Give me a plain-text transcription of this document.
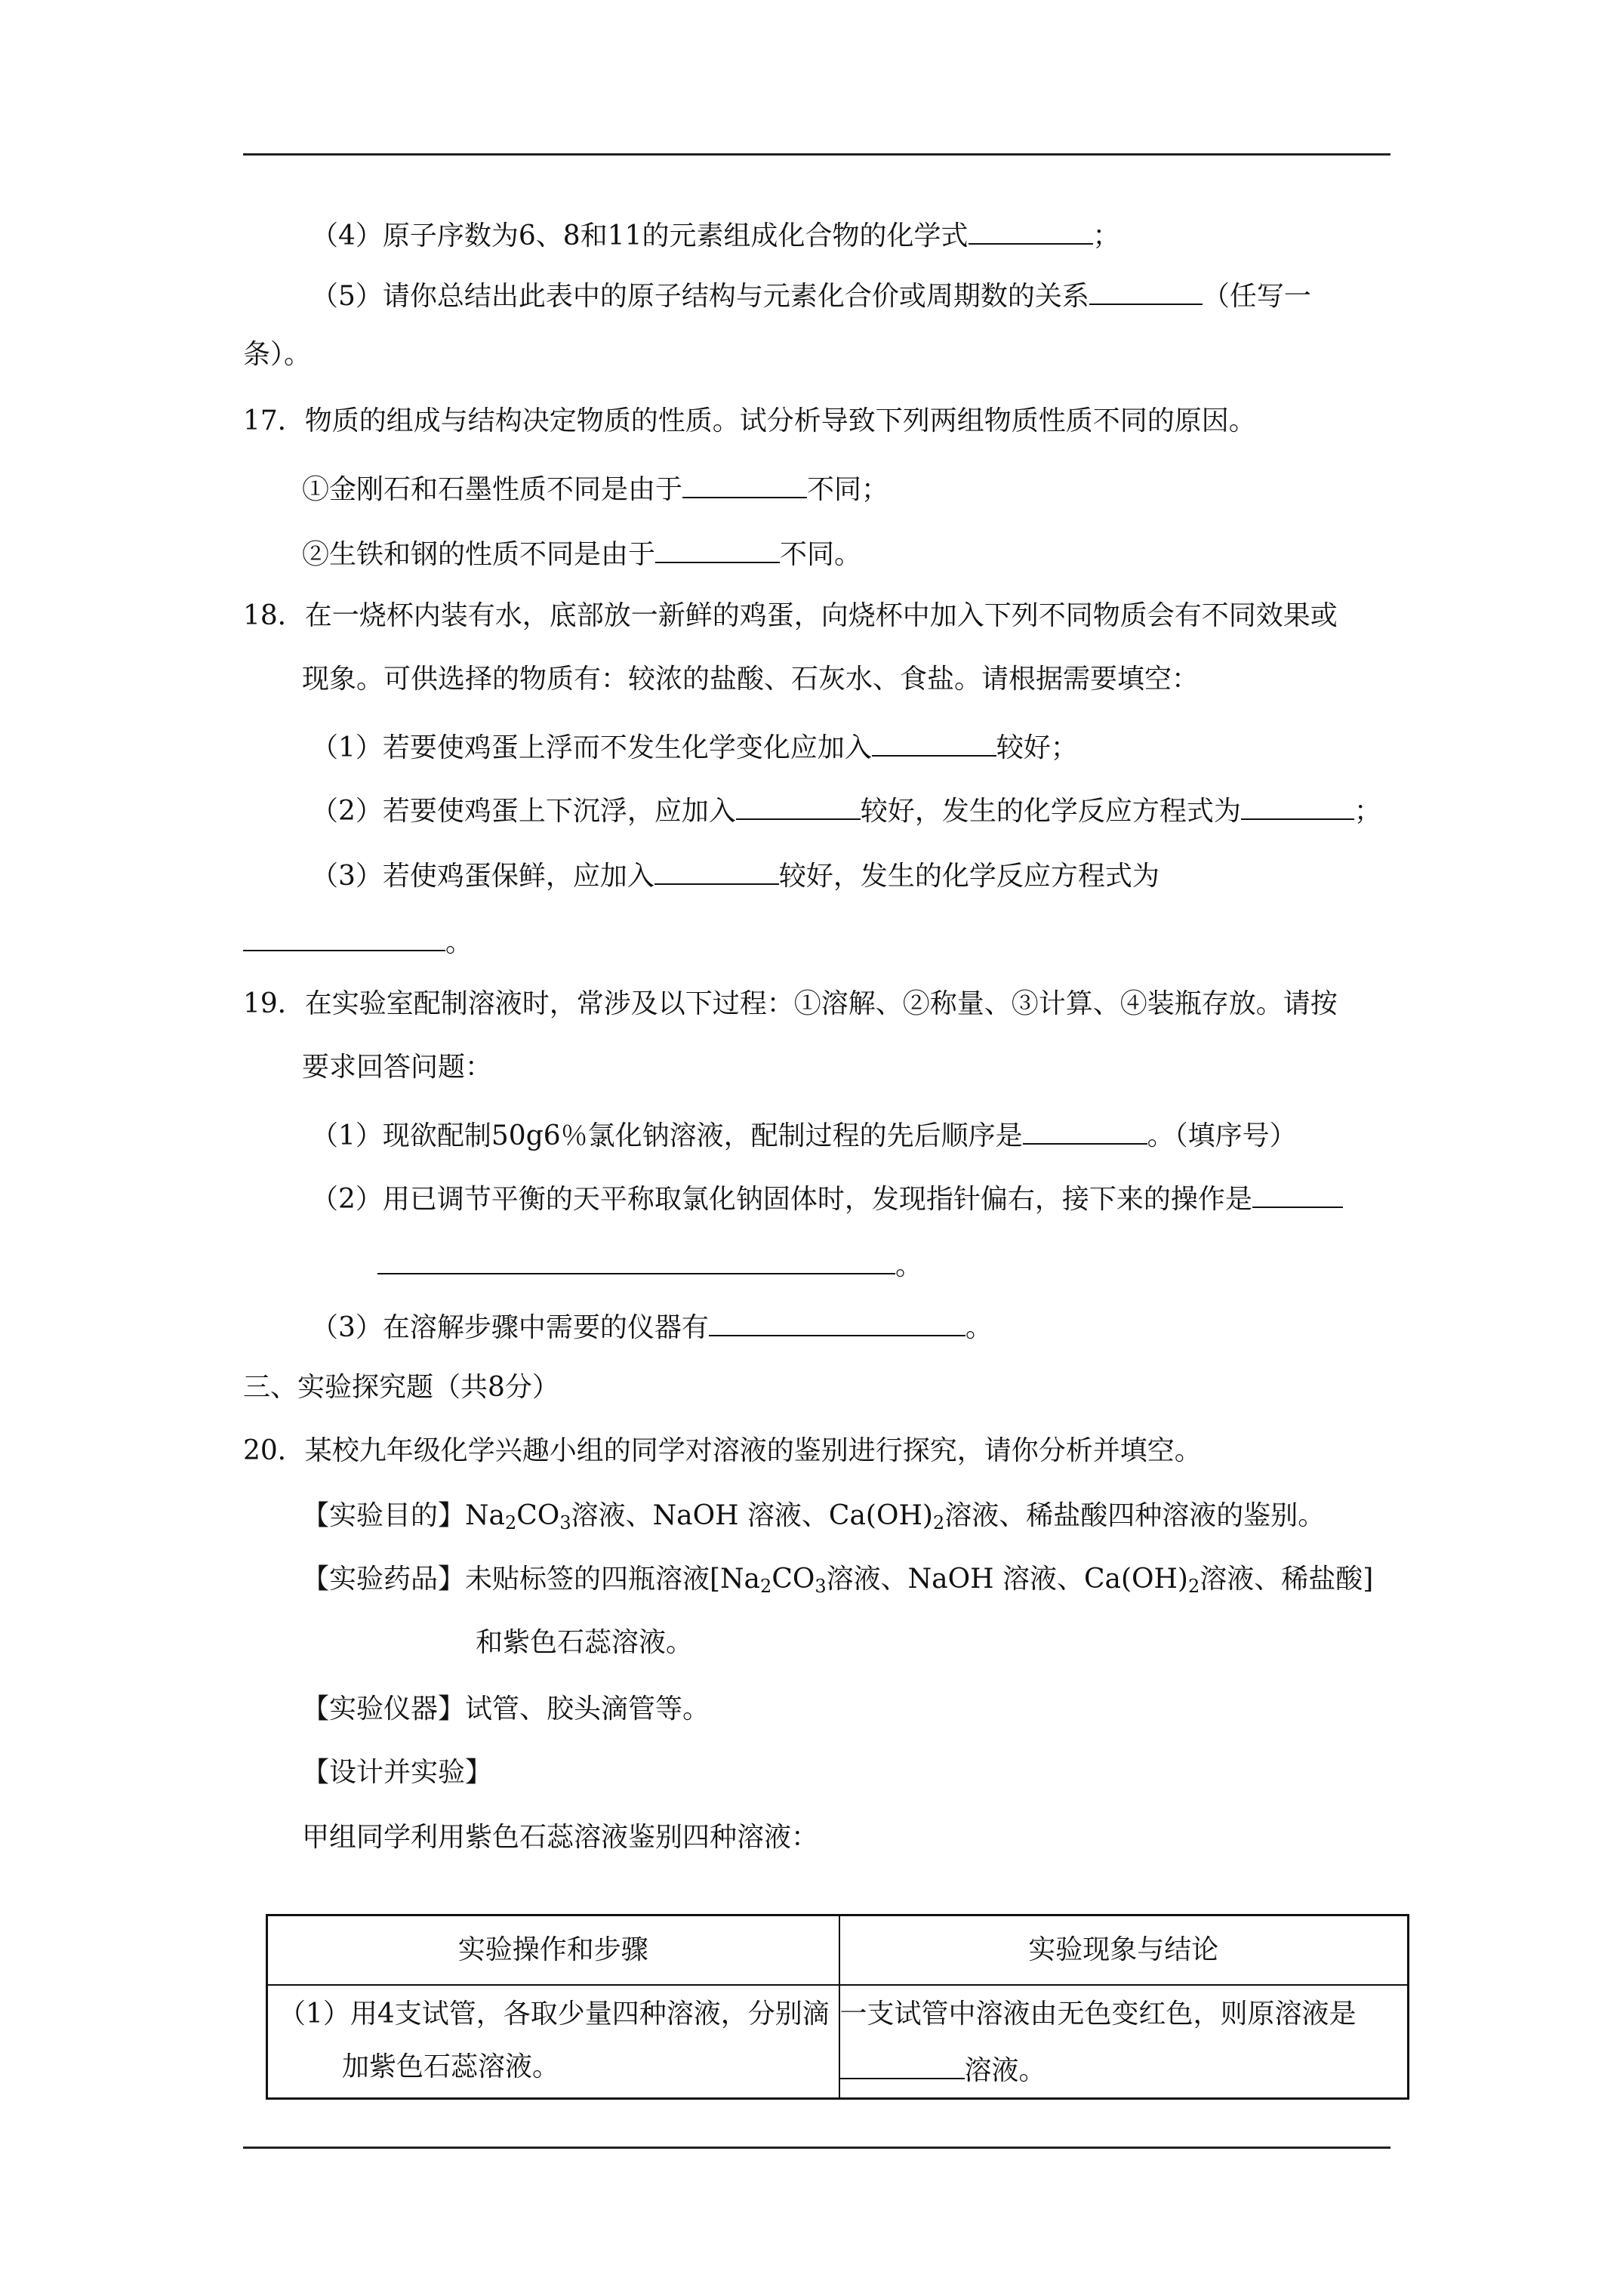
（4）原子序数为6、8和11的元素组成化合物的化学式	；
（5）请你总结出此表中的原子结构与元素化合价或周期数的关系	（任写一
条）。
17．物质的组成与结构决定物质的性质。试分析导致下列两组物质性质不同的原因。
①金刚石和石墨性质不同是由于	不同；
②生铁和钢的性质不同是由于	不同。
18．在一烧杯内装有水，底部放一新鲜的鸡蛋，向烧杯中加入下列不同物质会有不同效果或
现象。可供选择的物质有：较浓的盐酸、石灰水、食盐。请根据需要填空：
（1）若要使鸡蛋上浮而不发生化学变化应加入	较好；
（2）若要使鸡蛋上下沉浮，应加入	较好，发生的化学反应方程式为	；
（3）若使鸡蛋保鲜，应加入	较好，发生的化学反应方程式为
。
19．在实验室配制溶液时，常涉及以下过程：①溶解、②称量、③计算、④装瓶存放。请按
要求回答问题：
（1）现欲配制50g6％氯化钠溶液，配制过程的先后顺序是	。（填序号）
（2）用已调节平衡的天平称取氯化钠固体时，发现指针偏右，接下来的操作是
。
（3）在溶解步骤中需要的仪器有	。
三、实验探究题（共8分）
20．某校九年级化学兴趣小组的同学对溶液的鉴别进行探究，请你分析并填空。
【实验目的】$Na_2CO_3$溶液、NaOH 溶液、$Ca(OH)_2$溶液、稀盐酸四种溶液的鉴别。
【实验药品】未贴标签的四瓶溶液[$Na_2CO_3$溶液、NaOH 溶液、$Ca(OH)_2$溶液、稀盐酸]
和紫色石蕊溶液。
【实验仪器】试管、胶头滴管等。
【设计并实验】
甲组同学利用紫色石蕊溶液鉴别四种溶液：
实验操作和步骤	实验现象与结论

（1）用4支试管，各取少量四种溶液，分别滴
加紫色石蕊溶液。	一支试管中溶液由无色变红色，则原溶液是
溶液。
